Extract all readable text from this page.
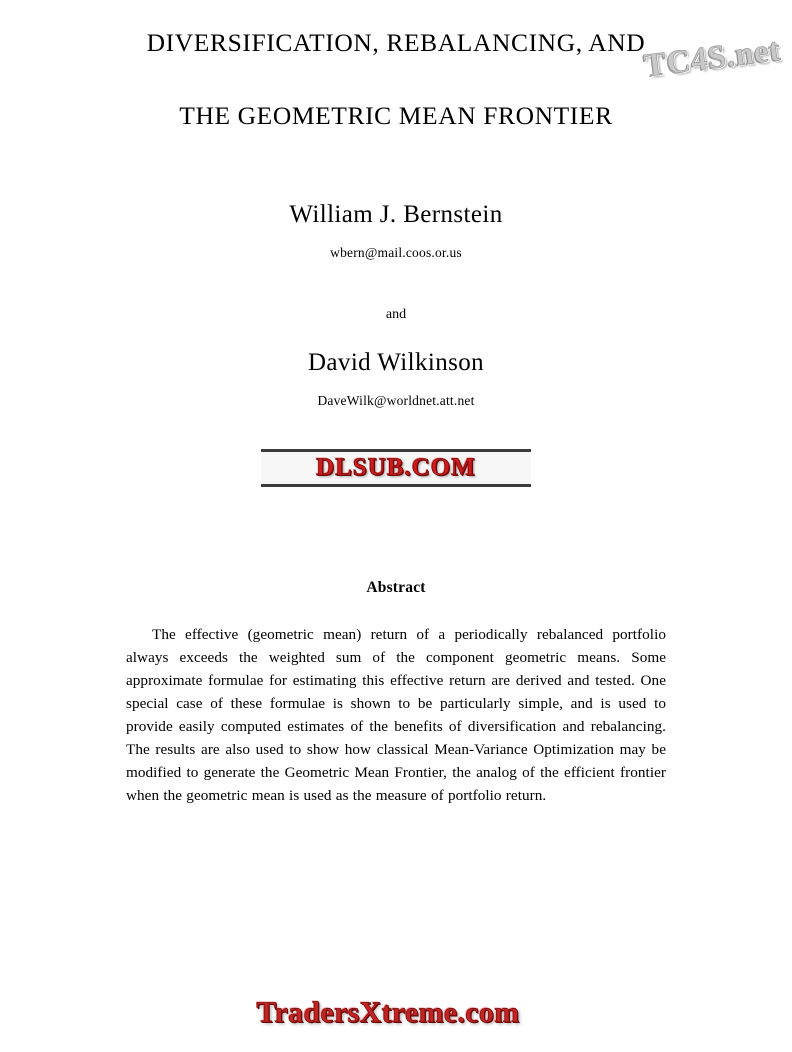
TC4S.net
DIVERSIFICATION, REBALANCING, AND
THE GEOMETRIC MEAN FRONTIER
William J. Bernstein
wbern@mail.coos.or.us
and
David Wilkinson
DaveWilk@worldnet.att.net
DLSUB.COM
Abstract
The effective (geometric mean) return of a periodically rebalanced portfolio always exceeds the weighted sum of the component geometric means. Some approximate formulae for estimating this effective return are derived and tested. One special case of these formulae is shown to be particularly simple, and is used to provide easily computed estimates of the benefits of diversification and rebalancing. The results are also used to show how classical Mean-Variance Optimization may be modified to generate the Geometric Mean Frontier, the analog of the efficient frontier when the geometric mean is used as the measure of portfolio return.
TradersXtreme.com
